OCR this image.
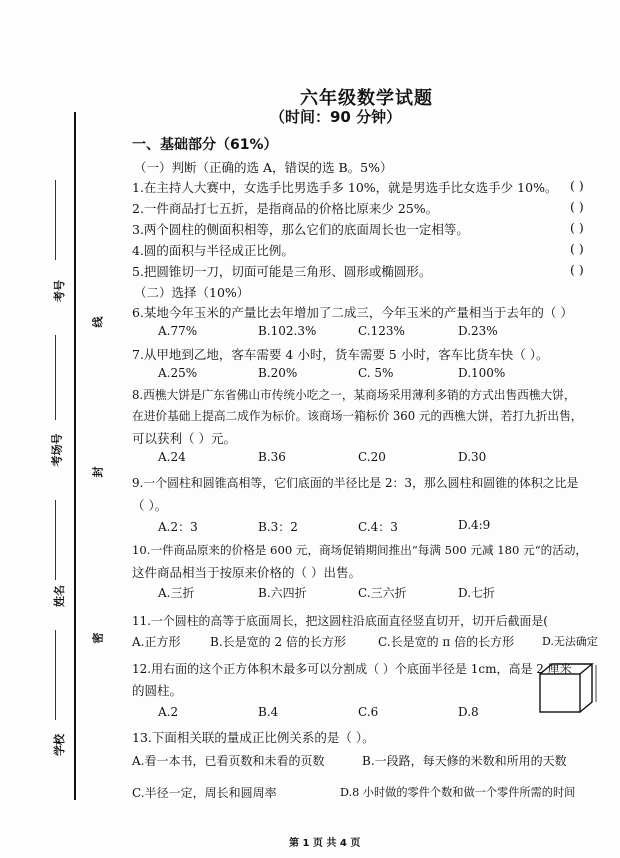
考号
考场号
姓名
学校
线
封
密
六年级数学试题
（时间：90 分钟）
一、基础部分（61%）
（一）判断（正确的选 A，错误的选 B。5%）
1.在主持人大赛中，女选手比男选手多 10%，就是男选手比女选手少 10%。 ( )
2.一件商品打七五折，是指商品的价格比原来少 25%。	( )
3.两个圆柱的侧面积相等，那么它们的底面周长也一定相等。	( )
4.圆的面积与半径成正比例。	( )
5.把圆锥切一刀，切面可能是三角形、圆形或椭圆形。	( )
（二）选择（10%）
6.某地今年玉米的产量比去年增加了二成三，今年玉米的产量相当于去年的（ ）
A.77%	B.102.3%	C.123%	D.23%
7.从甲地到乙地，客车需要 4 小时，货车需要 5 小时，客车比货车快（ ）。
A.25%	B.20%	C. 5%	D.100%
8.西樵大饼是广东省佛山市传统小吃之一，某商场采用薄利多销的方式出售西樵大饼，
在进价基础上提高二成作为标价。该商场一箱标价 360 元的西樵大饼，若打九折出售，
可以获利（ ）元。
A.24	B.36	C.20	D.30
9.一个圆柱和圆锥高相等，它们底面的半径比是 2：3，那么圆柱和圆锥的体积之比是
（ ）。
A.2：3	B.3：2	C.4：3	D.4:9
10.一件商品原来的价格是 600 元，商场促销期间推出“每满 500 元减 180 元“的活动，
这件商品相当于按原来价格的（ ）出售。
A.三折	B.六四折	C.三六折	D.七折
11.一个圆柱的高等于底面周长，把这圆柱沿底面直径竖直切开，切开后截面是(
A.正方形 B.长是宽的 2 倍的长方形	C.长是宽的 π 倍的长方形	D.无法确定
12.用右面的这个正方体积木最多可以分割成（ ）个底面半径是 1cm，高是 2 厘米
的圆柱。
A.2	B.4	C.6	D.8
13.下面相关联的量成正比例关系的是（ ）。
A.看一本书，已看页数和未看的页数	B.一段路，每天修的米数和所用的天数
C.半径一定，周长和圆周率	D.8 小时做的零件个数和做一个零件所需的时间
第 1 页 共 4 页
